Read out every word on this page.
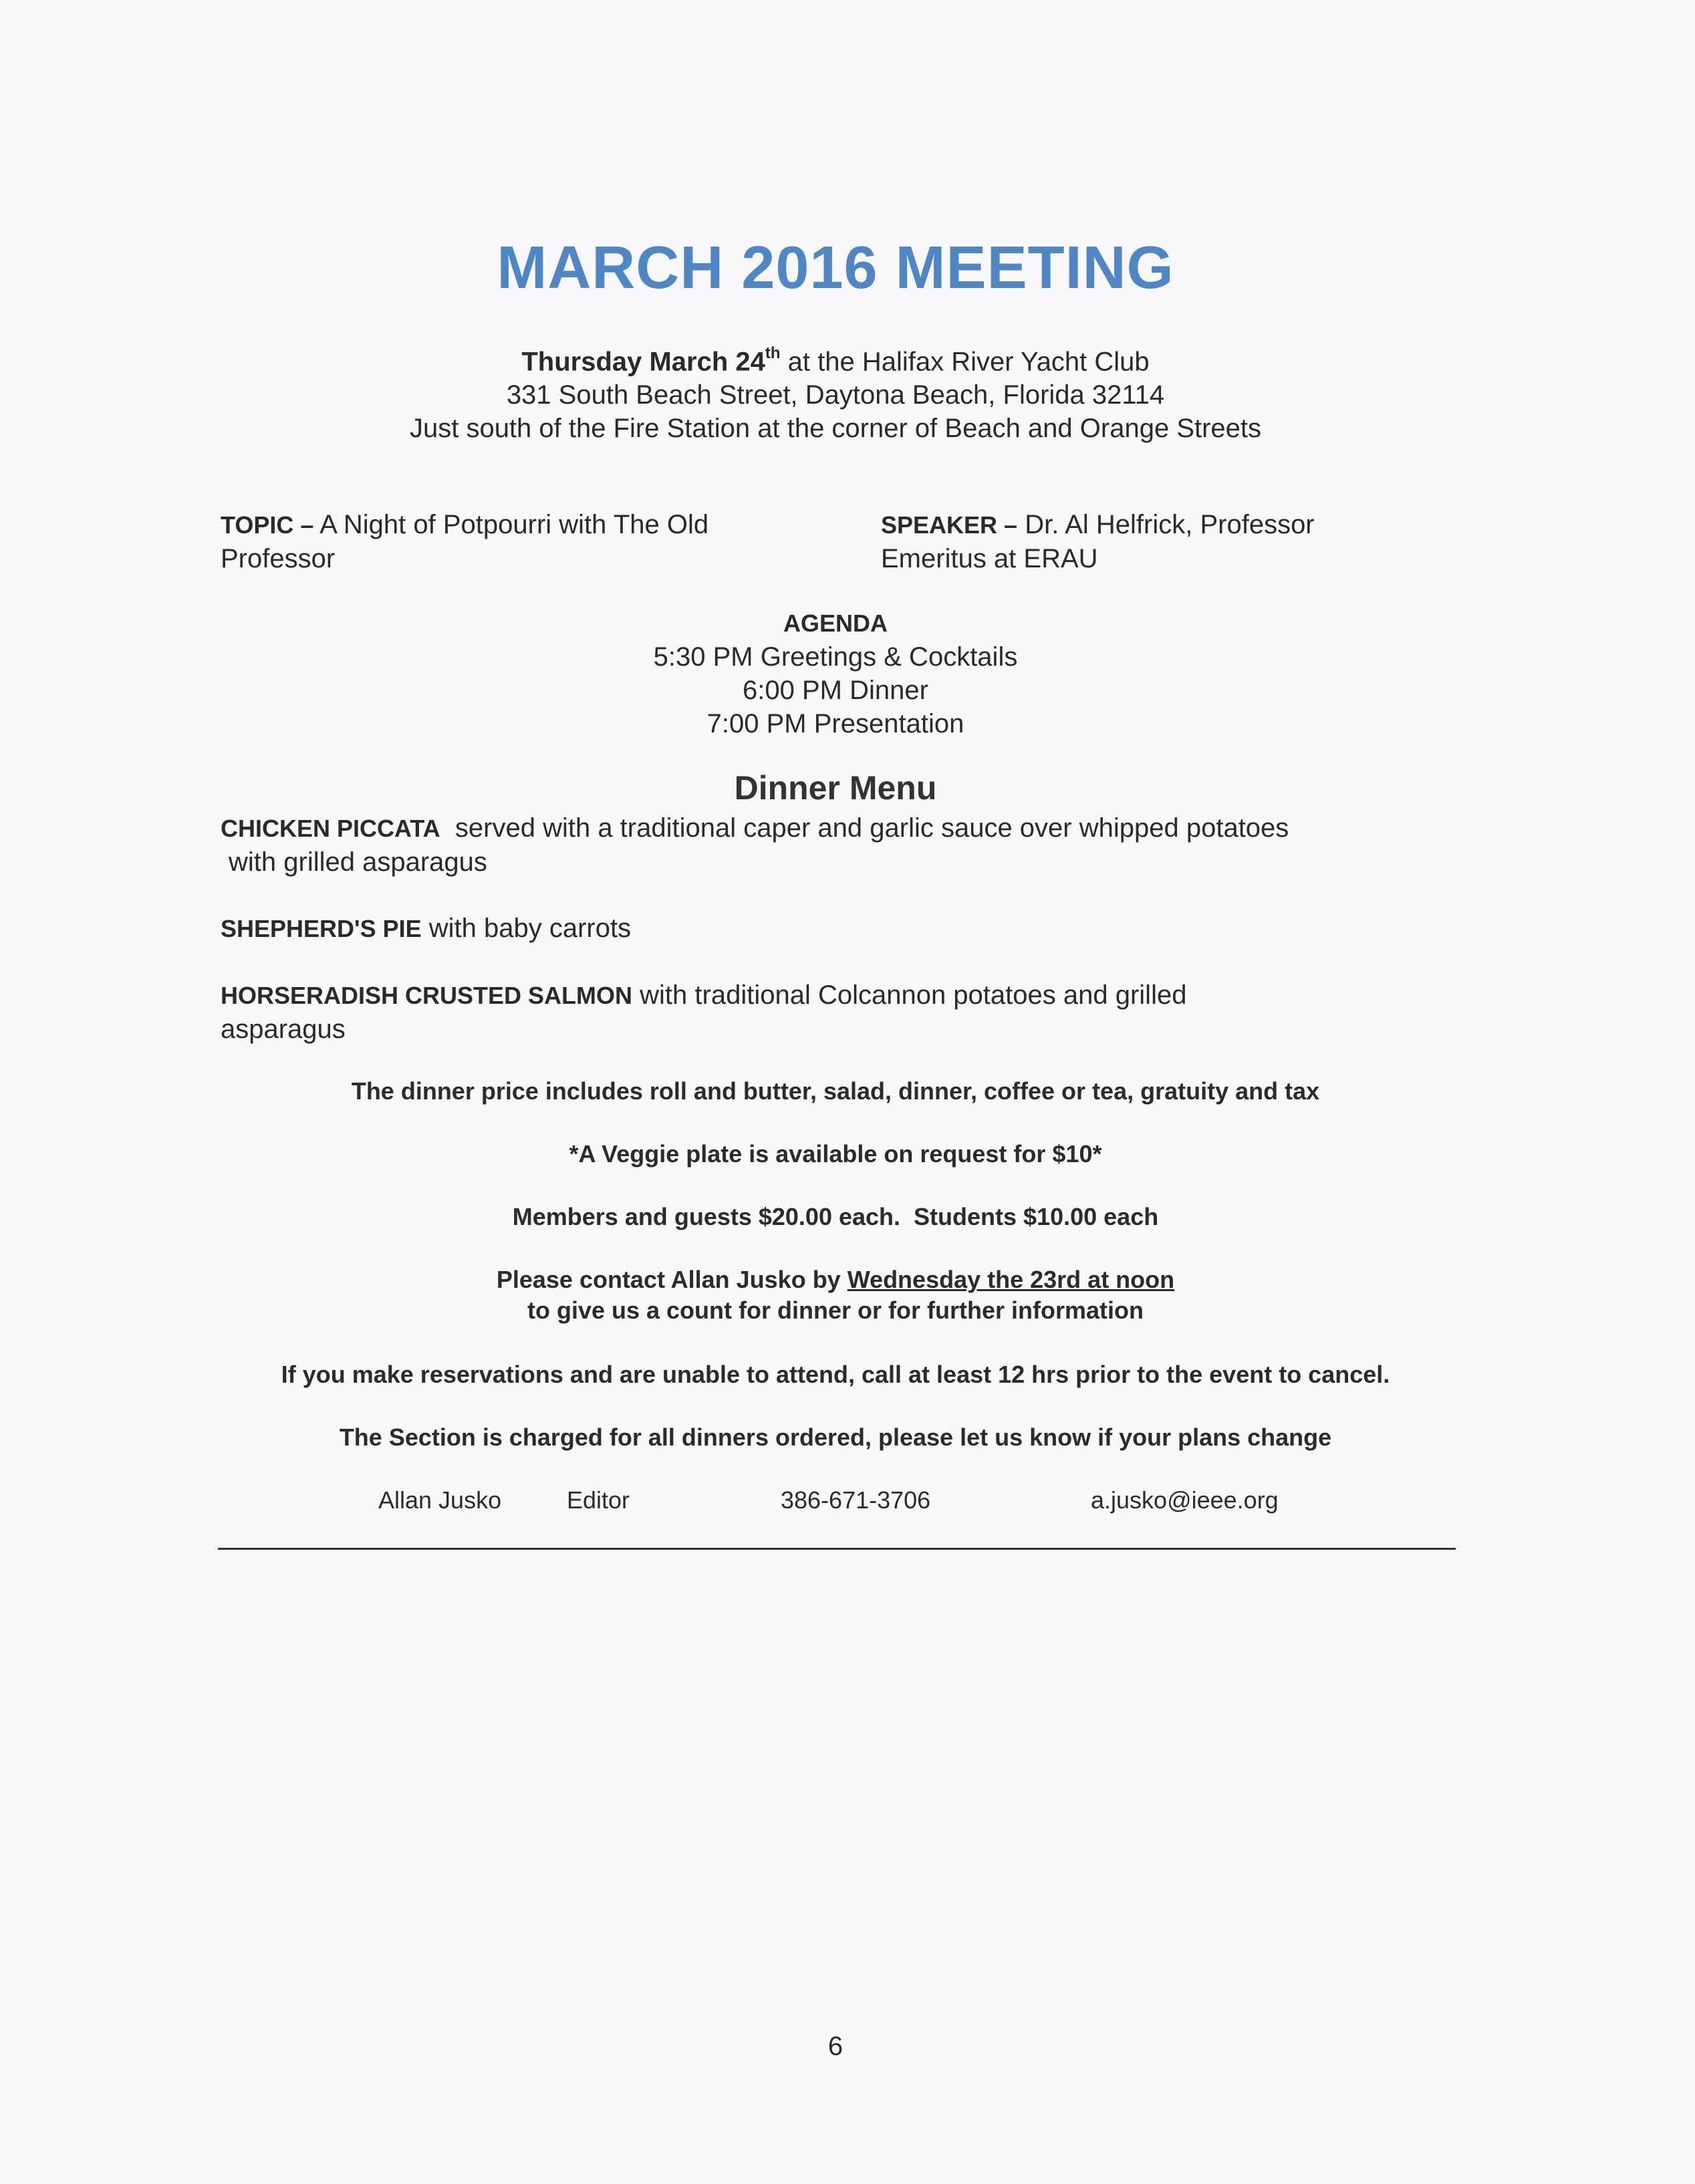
MARCH 2016 MEETING
Thursday March 24th at the Halifax River Yacht Club
331 South Beach Street, Daytona Beach, Florida 32114
Just south of the Fire Station at the corner of Beach and Orange Streets
TOPIC – A Night of Potpourri with The Old Professor
SPEAKER – Dr. Al Helfrick, Professor Emeritus at ERAU
AGENDA
5:30 PM Greetings & Cocktails
6:00 PM Dinner
7:00 PM Presentation
Dinner Menu
CHICKEN PICCATA  served with a traditional caper and garlic sauce over whipped potatoes
with grilled asparagus
SHEPHERD'S PIE with baby carrots
HORSERADISH CRUSTED SALMON with traditional Colcannon potatoes and grilled
asparagus
The dinner price includes roll and butter, salad, dinner, coffee or tea, gratuity and tax
*A Veggie plate is available on request for $10*
Members and guests $20.00 each.  Students $10.00 each
Please contact Allan Jusko by Wednesday the 23rd at noon
to give us a count for dinner or for further information
If you make reservations and are unable to attend, call at least 12 hrs prior to the event to cancel.
The Section is charged for all dinners ordered, please let us know if your plans change
Allan Jusko	Editor	386-671-3706	a.jusko@ieee.org
6
